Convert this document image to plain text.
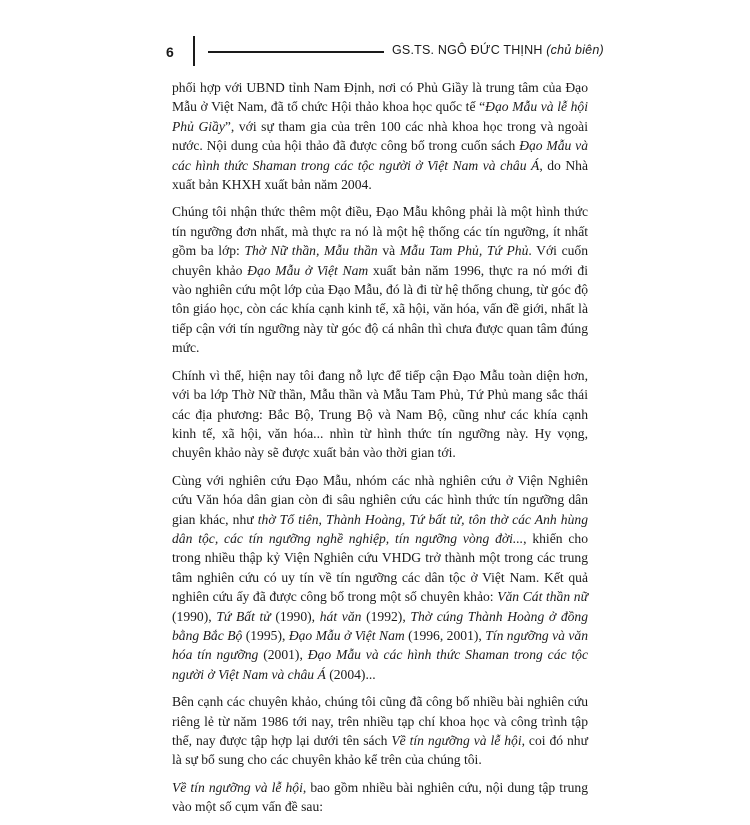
6	GS.TS. NGÔ ĐỨC THỊNH (chủ biên)

phối hợp với UBND tỉnh Nam Định, nơi có Phủ Giầy là trung tâm của Đạo Mẫu ở Việt Nam, đã tổ chức Hội thảo khoa học quốc tế “Đạo Mẫu và lễ hội Phủ Giầy”, với sự tham gia của trên 100 các nhà khoa học trong và ngoài nước. Nội dung của hội thảo đã được công bố trong cuốn sách Đạo Mẫu và các hình thức Shaman trong các tộc người ở Việt Nam và châu Á, do Nhà xuất bản KHXH xuất bản năm 2004.

Chúng tôi nhận thức thêm một điều, Đạo Mẫu không phải là một hình thức tín ngưỡng đơn nhất, mà thực ra nó là một hệ thống các tín ngưỡng, ít nhất gồm ba lớp: Thờ Nữ thần, Mẫu thần và Mẫu Tam Phủ, Tứ Phủ. Với cuốn chuyên khảo Đạo Mẫu ở Việt Nam xuất bản năm 1996, thực ra nó mới đi vào nghiên cứu một lớp của Đạo Mẫu, đó là đi từ hệ thống chung, từ góc độ tôn giáo học, còn các khía cạnh kinh tế, xã hội, văn hóa, vấn đề giới, nhất là tiếp cận với tín ngưỡng này từ góc độ cá nhân thì chưa được quan tâm đúng mức.

Chính vì thế, hiện nay tôi đang nỗ lực để tiếp cận Đạo Mẫu toàn diện hơn, với ba lớp Thờ Nữ thần, Mẫu thần và Mẫu Tam Phủ, Tứ Phủ mang sắc thái các địa phương: Bắc Bộ, Trung Bộ và Nam Bộ, cũng như các khía cạnh kinh tế, xã hội, văn hóa... nhìn từ hình thức tín ngưỡng này. Hy vọng, chuyên khảo này sẽ được xuất bản vào thời gian tới.

Cùng với nghiên cứu Đạo Mẫu, nhóm các nhà nghiên cứu ở Viện Nghiên cứu Văn hóa dân gian còn đi sâu nghiên cứu các hình thức tín ngưỡng dân gian khác, như thờ Tổ tiên, Thành Hoàng, Tứ bất tử, tôn thờ các Anh hùng dân tộc, các tín ngưỡng nghề nghiệp, tín ngưỡng vòng đời..., khiến cho trong nhiều thập kỷ Viện Nghiên cứu VHDG trở thành một trong các trung tâm nghiên cứu có uy tín về tín ngưỡng các dân tộc ở Việt Nam. Kết quả nghiên cứu ấy đã được công bố trong một số chuyên khảo: Văn Cát thần nữ (1990), Tứ Bất tử (1990), hát văn (1992), Thờ cúng Thành Hoàng ở đồng bằng Bắc Bộ (1995), Đạo Mẫu ở Việt Nam (1996, 2001), Tín ngưỡng và văn hóa tín ngưỡng (2001), Đạo Mẫu và các hình thức Shaman trong các tộc người ở Việt Nam và châu Á (2004)...

Bên cạnh các chuyên khảo, chúng tôi cũng đã công bố nhiều bài nghiên cứu riêng lẻ từ năm 1986 tới nay, trên nhiều tạp chí khoa học và công trình tập thể, nay được tập hợp lại dưới tên sách Về tín ngưỡng và lễ hội, coi đó như là sự bổ sung cho các chuyên khảo kể trên của chúng tôi.

Về tín ngưỡng và lễ hội, bao gồm nhiều bài nghiên cứu, nội dung tập trung vào một số cụm vấn đề sau:
